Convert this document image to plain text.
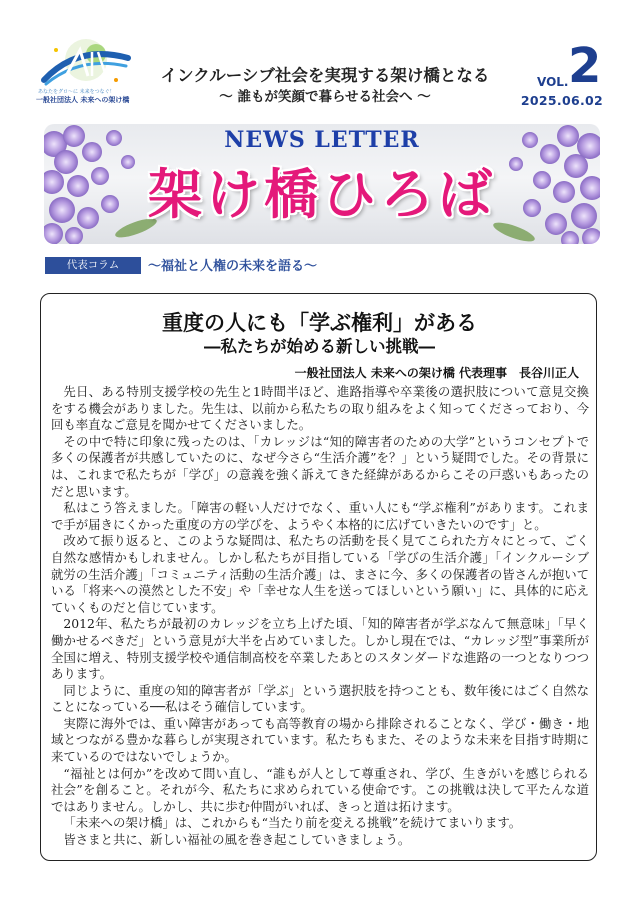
あなたをグロ〜に 未来をつなぐ！
一般社団法人 未来への架け橋
インクルーシブ社会を実現する架け橋となる
〜 誰もが笑顔で暮らせる社会へ 〜
VOL. 2
2025.06.02
NEWS LETTER
架け橋ひろば
代表コラム	〜福祉と人権の未来を語る〜
重度の人にも「学ぶ権利」がある
―私たちが始める新しい挑戦―
一般社団法人 未来への架け橋 代表理事　長谷川正人

先日、ある特別支援学校の先生と1時間半ほど、進路指導や卒業後の選択肢について意見交換をする機会がありました。先生は、以前から私たちの取り組みをよく知ってくださっており、今回も率直なご意見を聞かせてくださいました。

その中で特に印象に残ったのは、「カレッジは“知的障害者のための大学”というコンセプトで多くの保護者が共感していたのに、なぜ今さら“生活介護”を？」という疑問でした。その背景には、これまで私たちが「学び」の意義を強く訴えてきた経緯があるからこその戸惑いもあったのだと思います。

私はこう答えました。「障害の軽い人だけでなく、重い人にも“学ぶ権利”があります。これまで手が届きにくかった重度の方の学びを、ようやく本格的に広げていきたいのです」と。

改めて振り返ると、このような疑問は、私たちの活動を長く見てこられた方々にとって、ごく自然な感情かもしれません。しかし私たちが目指している「学びの生活介護」「インクルーシブ就労の生活介護」「コミュニティ活動の生活介護」は、まさに今、多くの保護者の皆さんが抱いている「将来への漠然とした不安」や「幸せな人生を送ってほしいという願い」に、具体的に応えていくものだと信じています。

2012年、私たちが最初のカレッジを立ち上げた頃、「知的障害者が学ぶなんて無意味」「早く働かせるべきだ」という意見が大半を占めていました。しかし現在では、“カレッジ型”事業所が全国に増え、特別支援学校や通信制高校を卒業したあとのスタンダードな進路の一つとなりつつあります。

同じように、重度の知的障害者が「学ぶ」という選択肢を持つことも、数年後にはごく自然なことになっている──私はそう確信しています。

実際に海外では、重い障害があっても高等教育の場から排除されることなく、学び・働き・地域とつながる豊かな暮らしが実現されています。私たちもまた、そのような未来を目指す時期に来ているのではないでしょうか。

“福祉とは何か”を改めて問い直し、“誰もが人として尊重され、学び、生きがいを感じられる社会”を創ること。それが今、私たちに求められている使命です。この挑戦は決して平たんな道ではありません。しかし、共に歩む仲間がいれば、きっと道は拓けます。

「未来への架け橋」は、これからも“当たり前を変える挑戦”を続けてまいります。

皆さまと共に、新しい福祉の風を巻き起こしていきましょう。
